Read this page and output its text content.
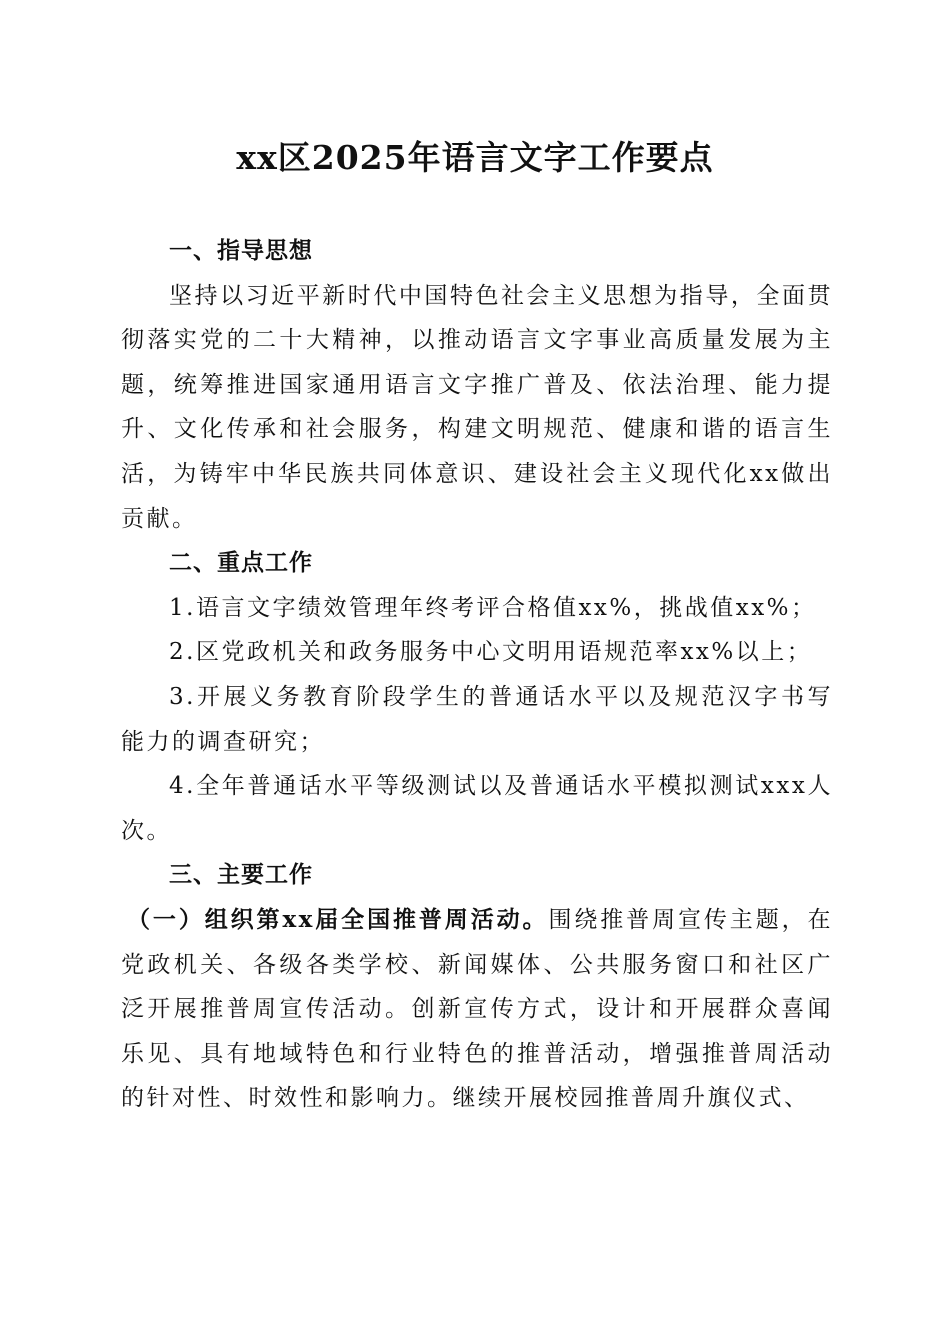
xx区2025年语言文字工作要点
一、指导思想

坚持以习近平新时代中国特色社会主义思想为指导，全面贯彻落实党的二十大精神，以推动语言文字事业高质量发展为主题，统筹推进国家通用语言文字推广普及、依法治理、能力提升、文化传承和社会服务，构建文明规范、健康和谐的语言生活，为铸牢中华民族共同体意识、建设社会主义现代化xx做出贡献。

二、重点工作

1.语言文字绩效管理年终考评合格值xx%，挑战值xx%；

2.区党政机关和政务服务中心文明用语规范率xx%以上；

3.开展义务教育阶段学生的普通话水平以及规范汉字书写能力的调查研究；

4.全年普通话水平等级测试以及普通话水平模拟测试xxx人次。

三、主要工作

（一）组织第xx届全国推普周活动。围绕推普周宣传主题，在党政机关、各级各类学校、新闻媒体、公共服务窗口和社区广泛开展推普周宣传活动。创新宣传方式，设计和开展群众喜闻乐见、具有地域特色和行业特色的推普活动，增强推普周活动的针对性、时效性和影响力。继续开展校园推普周升旗仪式、
